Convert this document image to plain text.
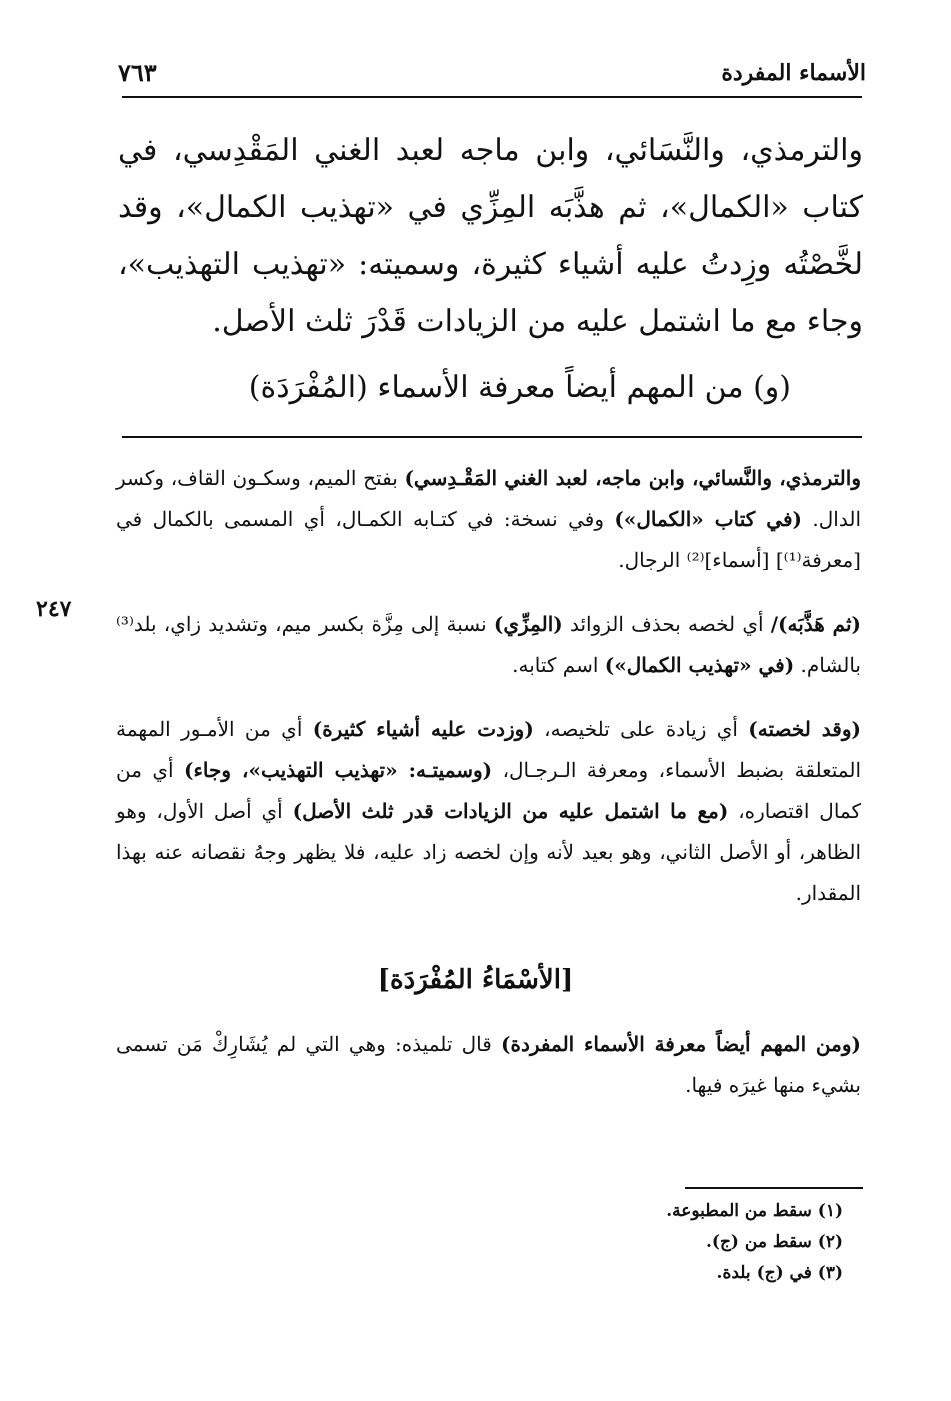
الأسماء المفردة
٧٦٣

والترمذي، والنَّسَائي، وابن ماجه لعبد الغني المَقْدِسي، في كتاب «الكمال»، ثم هذَّبَه المِزِّي في «تهذيب الكمال»، وقد لخَّصْتُه وزِدتُ عليه أشياء كثيرة، وسميته: «تهذيب التهذيب»، وجاء مع ما اشتمل عليه من الزيادات قَدْرَ ثلث الأصل.

(و) من المهم أيضاً معرفة الأسماء (المُفْرَدَة)

والترمذي، والنَّسائي، وابن ماجه، لعبد الغني المَقْـدِسي) بفتح الميم، وسكـون القاف، وكسر الدال. (في كتاب «الكمال») وفي نسخة: في كتـابه الكمـال، أي المسمى بالكمال في [معرفة⁽¹⁾] [أسماء]⁽²⁾ الرجال.

٢٤٧

(ثم هَذَّبَه)/ أي لخصه بحذف الزوائد (المِزِّي) نسبة إلى مِزَّة بكسر ميم، وتشديد زاي، بلد⁽³⁾ بالشام. (في «تهذيب الكمال») اسم كتابه.

(وقد لخصته) أي زيادة على تلخيصه، (وزدت عليه أشياء كثيرة) أي من الأمـور المهمة المتعلقة بضبط الأسماء، ومعرفة الـرجـال، (وسميتـه: «تهذيب التهذيب»، وجاء) أي من كمال اقتصاره، (مع ما اشتمل عليه من الزيادات قدر ثلث الأصل) أي أصل الأول، وهو الظاهر، أو الأصل الثاني، وهو بعيد لأنه وإن لخصه زاد عليه، فلا يظهر وجهُ نقصانه عنه بهذا المقدار.

[الأسْمَاءُ المُفْرَدَة]

(ومن المهم أيضاً معرفة الأسماء المفردة) قال تلميذه: وهي التي لم يُشَارِكْ مَن تسمى بشيء منها غيرَه فيها.

(١) سقط من المطبوعة.
(٢) سقط من (ج).
(٣) في (ج) بلدة.
